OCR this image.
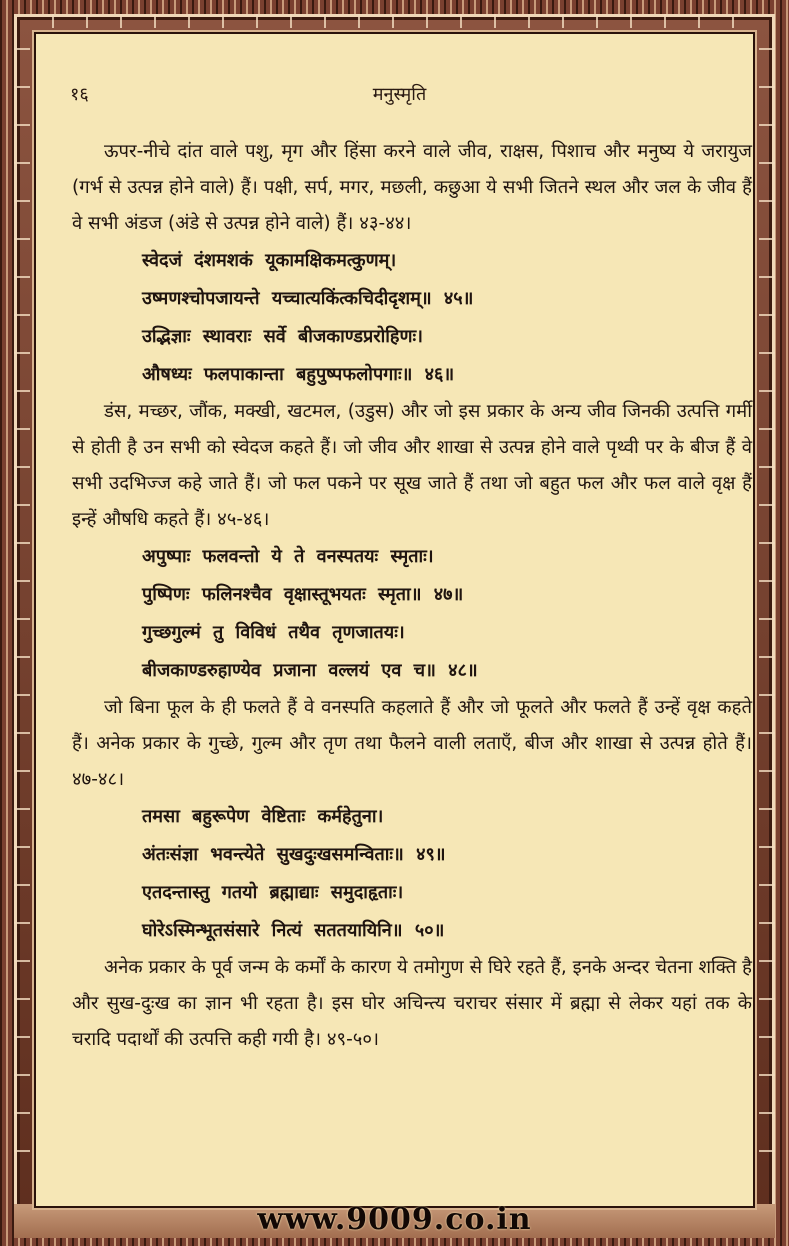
१६	मनुस्मृति

ऊपर-नीचे दांत वाले पशु, मृग और हिंसा करने वाले जीव, राक्षस, पिशाच और मनुष्य ये जरायुज (गर्भ से उत्पन्न होने वाले) हैं। पक्षी, सर्प, मगर, मछली, कछुआ ये सभी जितने स्थल और जल के जीव हैं वे सभी अंडज (अंडे से उत्पन्न होने वाले) हैं। ४३-४४।

स्वेदजं दंशमशकं यूकामक्षिकमत्कुणम्।
उष्मणश्चोपजायन्ते यच्चात्यकिंत्कचिदीदृशम्॥ ४५॥
उद्भिज्ञाः स्थावराः सर्वे बीजकाण्डप्ररोहिणः।
औषध्यः फलपाकान्ता बहुपुष्पफलोपगाः॥ ४६॥

डंस, मच्छर, जौंक, मक्खी, खटमल, (उडुस) और जो इस प्रकार के अन्य जीव जिनकी उत्पत्ति गर्मी से होती है उन सभी को स्वेदज कहते हैं। जो जीव और शाखा से उत्पन्न होने वाले पृथ्वी पर के बीज हैं वे सभी उदभिज्ज कहे जाते हैं। जो फल पकने पर सूख जाते हैं तथा जो बहुत फल और फल वाले वृक्ष हैं इन्हें औषधि कहते हैं। ४५-४६।

अपुष्पाः फलवन्तो ये ते वनस्पतयः स्मृताः।
पुष्पिणः फलिनश्चैव वृक्षास्तूभयतः स्मृता॥ ४७॥
गुच्छगुल्मं तु विविधं तथैव तृणजातयः।
बीजकाण्डरुहाण्येव प्रजाना वल्लयं एव च॥ ४८॥

जो बिना फूल के ही फलते हैं वे वनस्पति कहलाते हैं और जो फूलते और फलते हैं उन्हें वृक्ष कहते हैं। अनेक प्रकार के गुच्छे, गुल्म और तृण तथा फैलने वाली लताएँ, बीज और शाखा से उत्पन्न होते हैं। ४७-४८।

तमसा बहुरूपेण वेष्टिताः कर्महेतुना।
अंतःसंज्ञा भवन्त्येते सुखदुःखसमन्विताः॥ ४९॥
एतदन्तास्तु गतयो ब्रह्माद्याः समुदाहृताः।
घोरेऽस्मिन्भूतसंसारे नित्यं सततयायिनि॥ ५०॥

अनेक प्रकार के पूर्व जन्म के कर्मों के कारण ये तमोगुण से घिरे रहते हैं, इनके अन्दर चेतना शक्ति है और सुख-दुःख का ज्ञान भी रहता है। इस घोर अचिन्त्य चराचर संसार में ब्रह्मा से लेकर यहां तक के चरादि पदार्थों की उत्पत्ति कही गयी है। ४९-५०।

www.9009.co.in
